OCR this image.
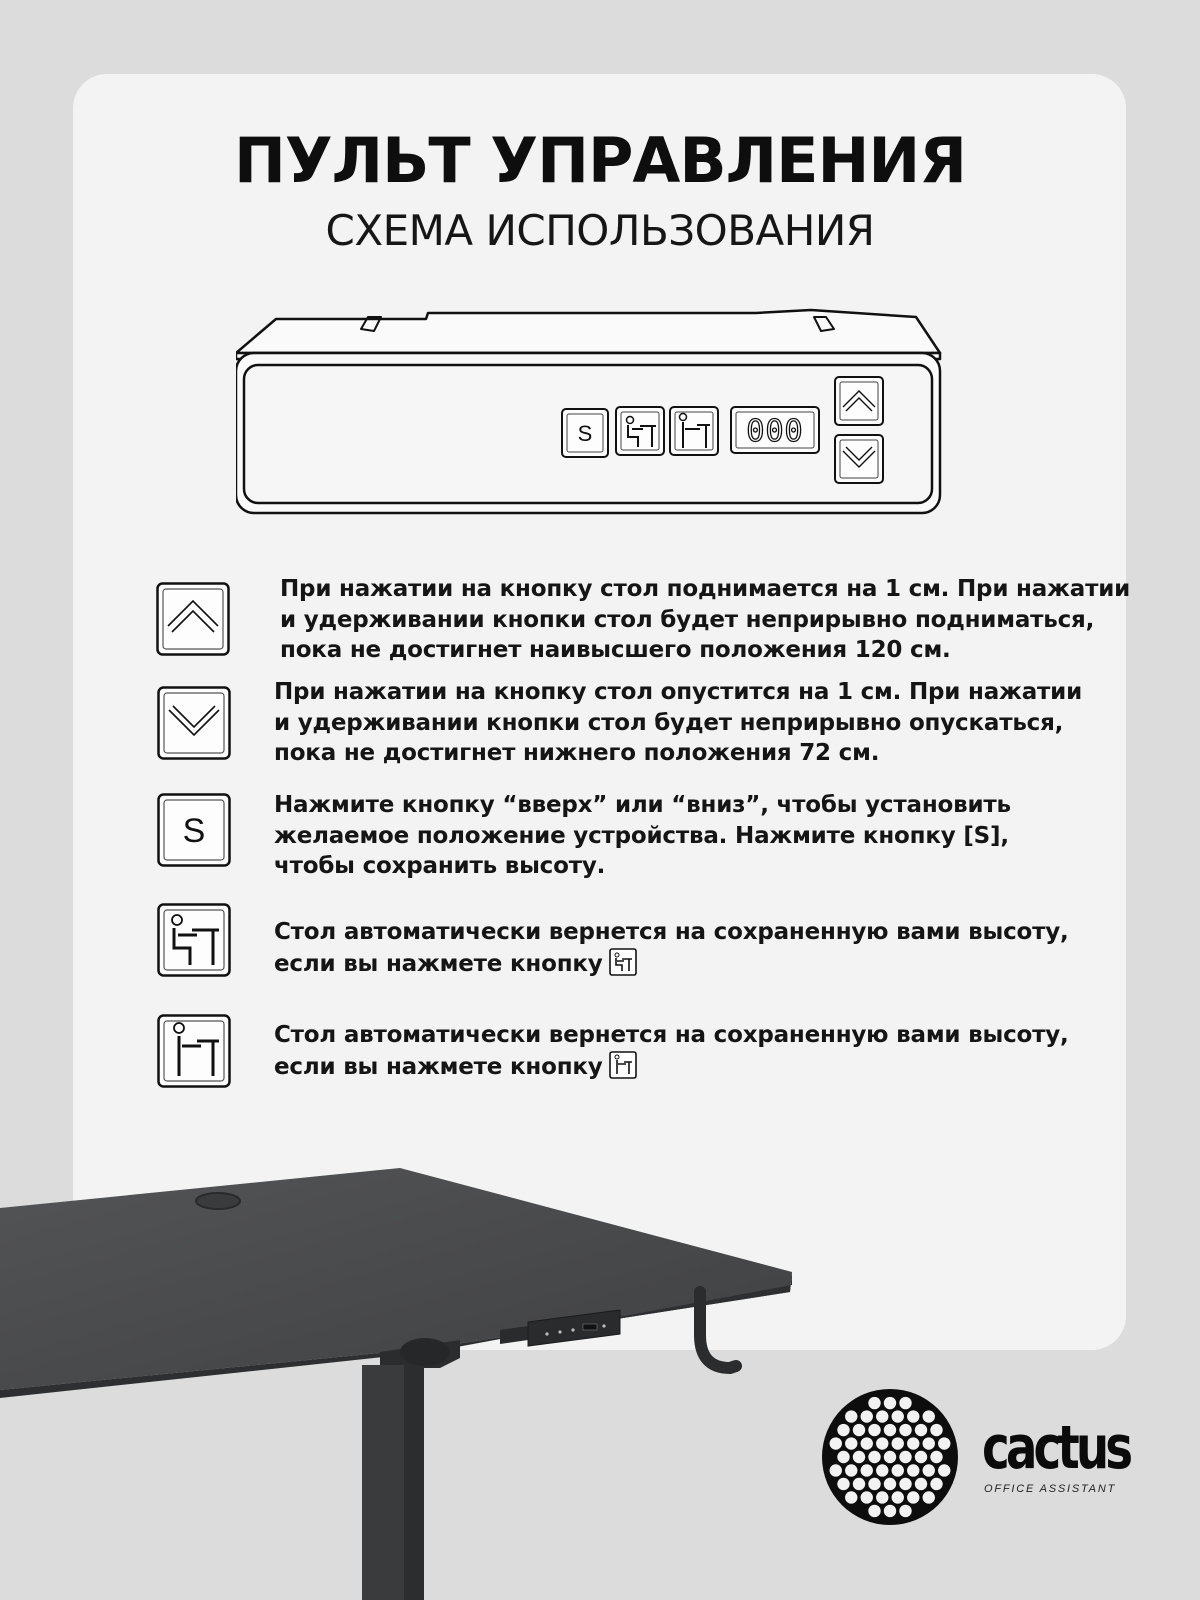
ПУЛЬТ УПРАВЛЕНИЯ
СХЕМА ИСПОЛЬЗОВАНИЯ
S	000
При нажатии на кнопку стол поднимается на 1 см. При нажатии
и удерживании кнопки стол будет неприрывно подниматься,
пока не достигнет наивысшего положения 120 см.
При нажатии на кнопку стол опустится на 1 см. При нажатии
и удерживании кнопки стол будет неприрывно опускаться,
пока не достигнет нижнего положения 72 см.
S
Нажмите кнопку “вверх” или “вниз”, чтобы установить
желаемое положение устройства. Нажмите кнопку [S],
чтобы сохранить высоту.
Стол автоматически вернется на сохраненную вами высоту,
если вы нажмете кнопку
Стол автоматически вернется на сохраненную вами высоту,
если вы нажмете кнопку
cactus
OFFICE ASSISTANT
